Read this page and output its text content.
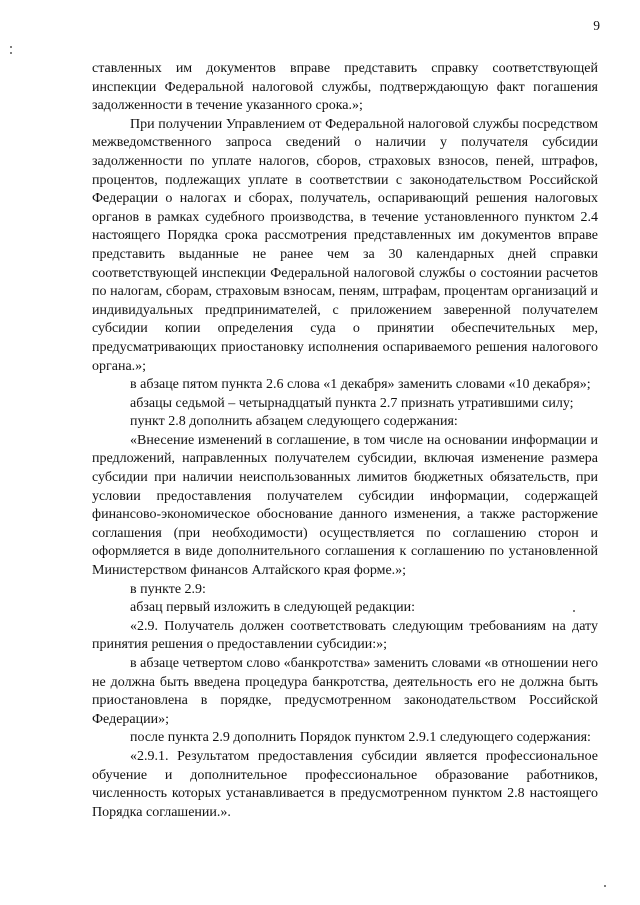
9

ставленных им документов вправе представить справку соответствующей инспекции Федеральной налоговой службы, подтверждающую факт погашения задолженности в течение указанного срока.»;

При получении Управлением от Федеральной налоговой службы посредством межведомственного запроса сведений о наличии у получателя субсидии задолженности по уплате налогов, сборов, страховых взносов, пеней, штрафов, процентов, подлежащих уплате в соответствии с законодательством Российской Федерации о налогах и сборах, получатель, оспаривающий решения налоговых органов в рамках судебного производства, в течение установленного пунктом 2.4 настоящего Порядка срока рассмотрения представленных им документов вправе представить выданные не ранее чем за 30 календарных дней справки соответствующей инспекции Федеральной налоговой службы о состоянии расчетов по налогам, сборам, страховым взносам, пеням, штрафам, процентам организаций и индивидуальных предпринимателей, с приложением заверенной получателем субсидии копии определения суда о принятии обеспечительных мер, предусматривающих приостановку исполнения оспариваемого решения налогового органа.»;

в абзаце пятом пункта 2.6 слова «1 декабря» заменить словами «10 декабря»;

абзацы седьмой – четырнадцатый пункта 2.7 признать утратившими силу;

пункт 2.8 дополнить абзацем следующего содержания:

«Внесение изменений в соглашение, в том числе на основании информации и предложений, направленных получателем субсидии, включая изменение размера субсидии при наличии неиспользованных лимитов бюджетных обязательств, при условии предоставления получателем субсидии информации, содержащей финансово-экономическое обоснование данного изменения, а также расторжение соглашения (при необходимости) осуществляется по соглашению сторон и оформляется в виде дополнительного соглашения к соглашению по установленной Министерством финансов Алтайского края форме.»;

в пункте 2.9:

абзац первый изложить в следующей редакции:

«2.9. Получатель должен соответствовать следующим требованиям на дату принятия решения о предоставлении субсидии:»;

в абзаце четвертом слово «банкротства» заменить словами «в отношении него не должна быть введена процедура банкротства, деятельность его не должна быть приостановлена в порядке, предусмотренном законодательством Российской Федерации»;

после пункта 2.9 дополнить Порядок пунктом 2.9.1 следующего содержания:

«2.9.1. Результатом предоставления субсидии является профессиональное обучение и дополнительное профессиональное образование работников, численность которых устанавливается в предусмотренном пунктом 2.8 настоящего Порядка соглашении.».
